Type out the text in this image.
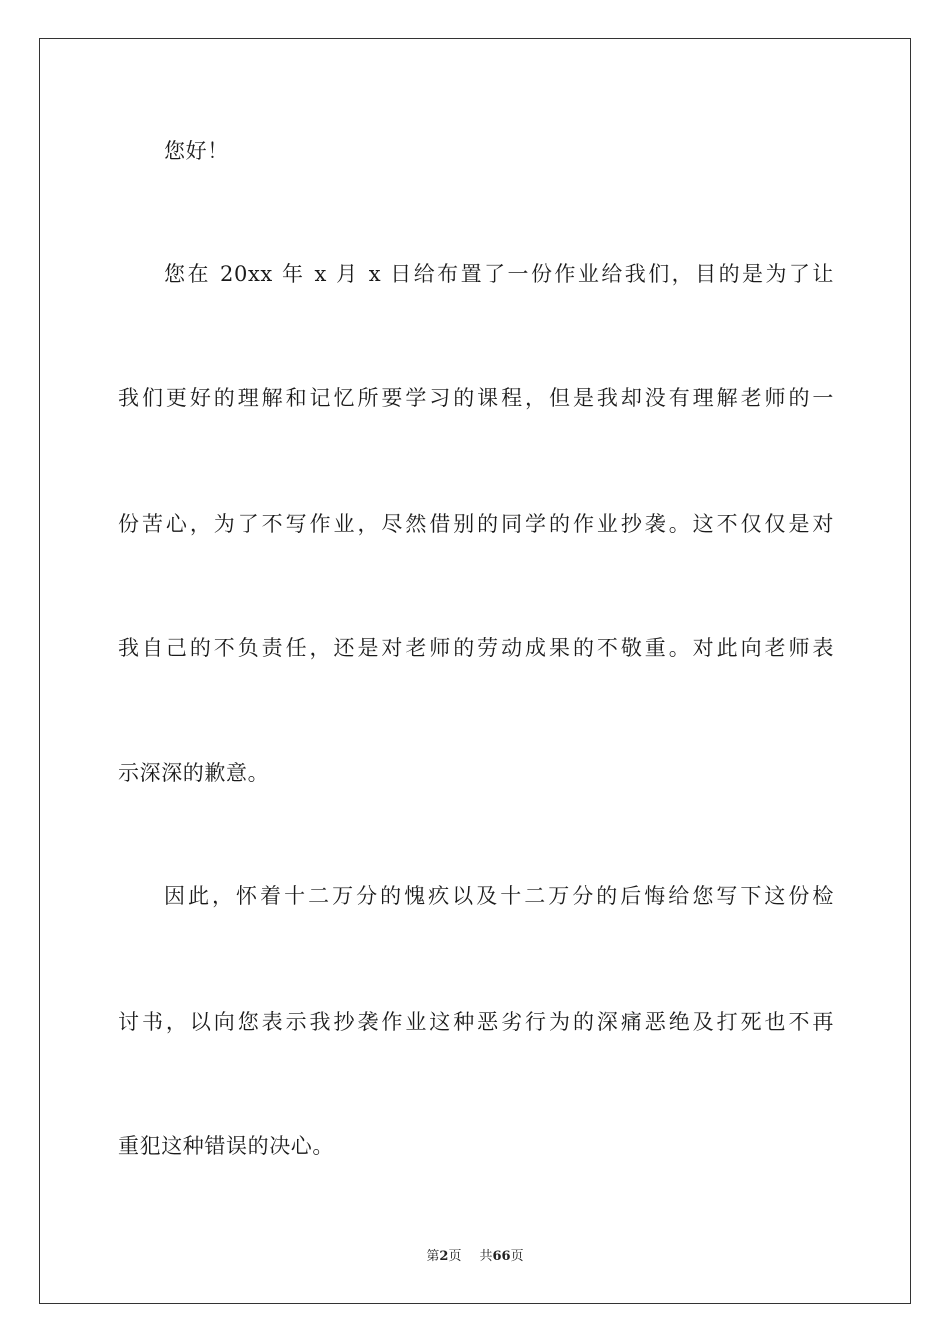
您好！
您在 20xx 年 x 月 x 日给布置了一份作业给我们，目的是为了让
我们更好的理解和记忆所要学习的课程，但是我却没有理解老师的一
份苦心，为了不写作业，尽然借别的同学的作业抄袭。这不仅仅是对
我自己的不负责任，还是对老师的劳动成果的不敬重。对此向老师表
示深深的歉意。
因此，怀着十二万分的愧疚以及十二万分的后悔给您写下这份检
讨书，以向您表示我抄袭作业这种恶劣行为的深痛恶绝及打死也不再
重犯这种错误的决心。
第2页 共66页
